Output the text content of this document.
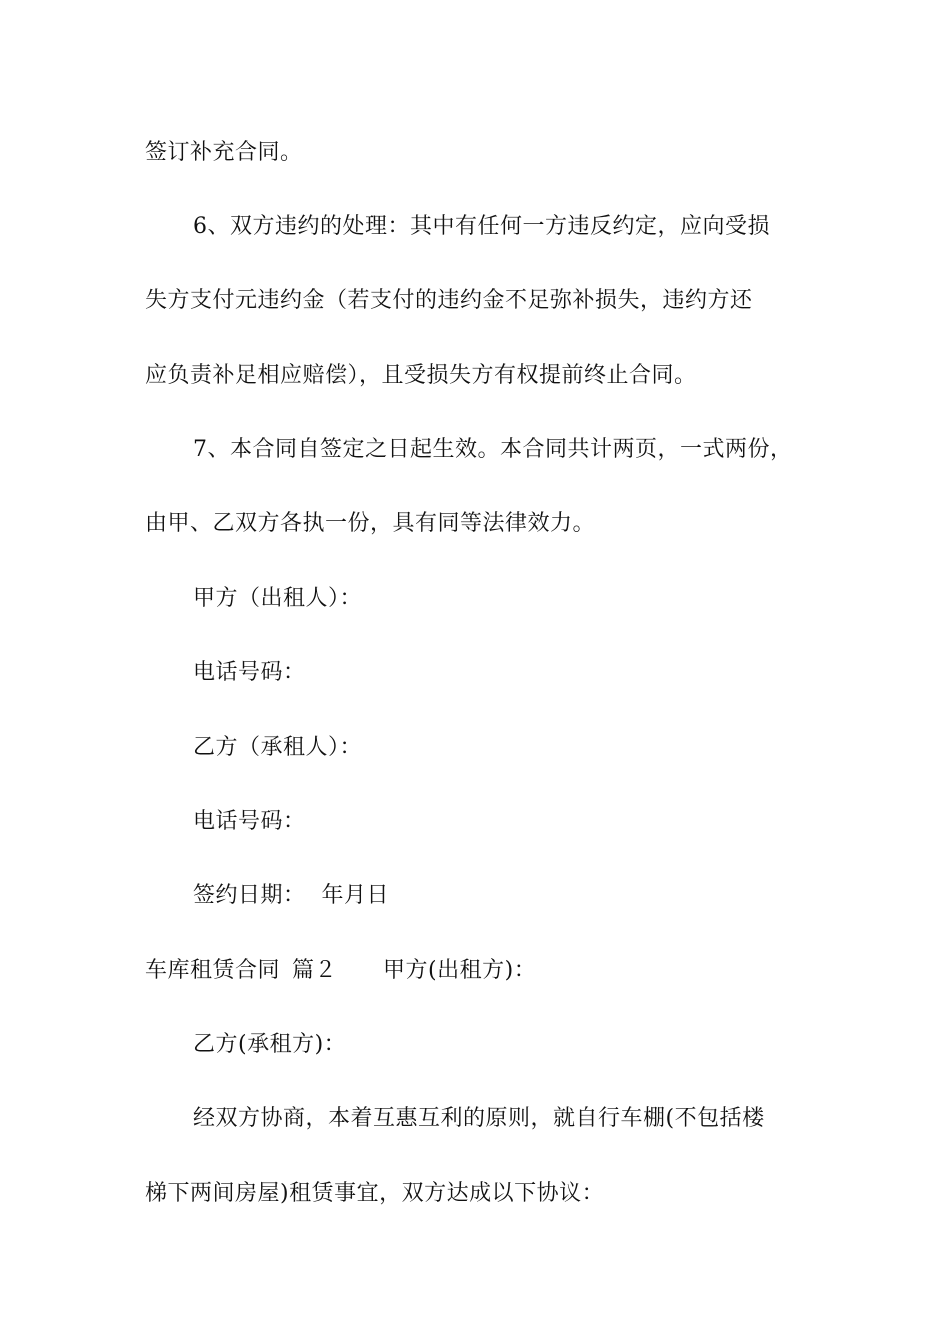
签订补充合同。
6、双方违约的处理：其中有任何一方违反约定，应向受损
失方支付元违约金（若支付的违约金不足弥补损失，违约方还
应负责补足相应赔偿），且受损失方有权提前终止合同。
7、本合同自签定之日起生效。本合同共计两页，一式两份，
由甲、乙双方各执一份，具有同等法律效力。
甲方（出租人）：
电话号码：
乙方（承租人）：
电话号码：
签约日期： 年月日
车库租赁合同 篇２ 甲方(出租方)：
乙方(承租方)：
经双方协商，本着互惠互利的原则，就自行车棚(不包括楼
梯下两间房屋)租赁事宜，双方达成以下协议：
